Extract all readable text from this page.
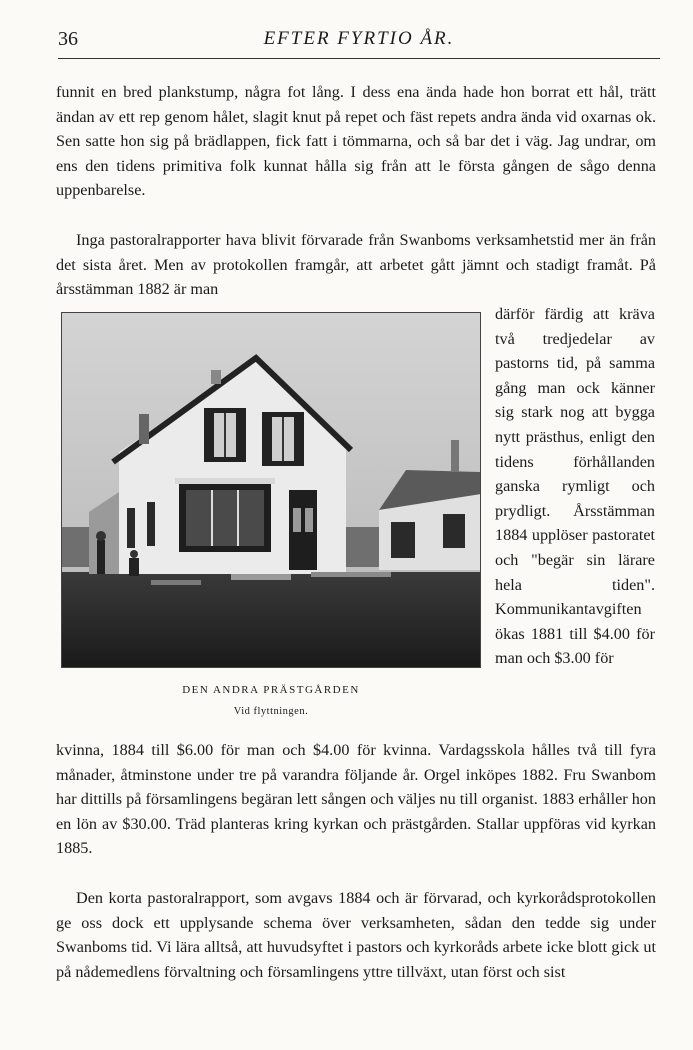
36	EFTER FYRTIO ÅR.

funnit en bred plankstump, några fot lång. I dess ena ända hade hon borrat ett hål, trätt ändan av ett rep genom hålet, slagit knut på repet och fäst repets andra ända vid oxarnas ok. Sen satte hon sig på brädlappen, fick fatt i tömmarna, och så bar det i väg. Jag undrar, om ens den tidens primitiva folk kunnat hålla sig från att le första gången de sågo denna uppenbarelse.

Inga pastoralrapporter hava blivit förvarade från Swanboms verksamhetstid mer än från det sista året. Men av protokollen framgår, att arbetet gått jämnt och stadigt framåt. På årsstämman 1882 är man

DEN ANDRA PRÄSTGÅRDEN
Vid flyttningen.

därför färdig att kräva två tredjedelar av pastorns tid, på samma gång man ock känner sig stark nog att bygga nytt prästhus, enligt den tidens förhållanden ganska rymligt och prydligt. Årsstämman 1884 upplöser pastoratet och "begär sin lärare hela tiden". Kommunikantavgiften ökas 1881 till $4.00 för man och $3.00 för

kvinna, 1884 till $6.00 för man och $4.00 för kvinna. Vardagsskola hålles två till fyra månader, åtminstone under tre på varandra följande år. Orgel inköpes 1882. Fru Swanbom har dittills på församlingens begäran lett sången och väljes nu till organist. 1883 erhåller hon en lön av $30.00. Träd planteras kring kyrkan och prästgården. Stallar uppföras vid kyrkan 1885.

Den korta pastoralrapport, som avgavs 1884 och är förvarad, och kyrkorådsprotokollen ge oss dock ett upplysande schema över verksamheten, sådan den tedde sig under Swanboms tid. Vi lära alltså, att huvudsyftet i pastors och kyrkoråds arbete icke blott gick ut på nådemedlens förvaltning och församlingens yttre tillväxt, utan först och sist
